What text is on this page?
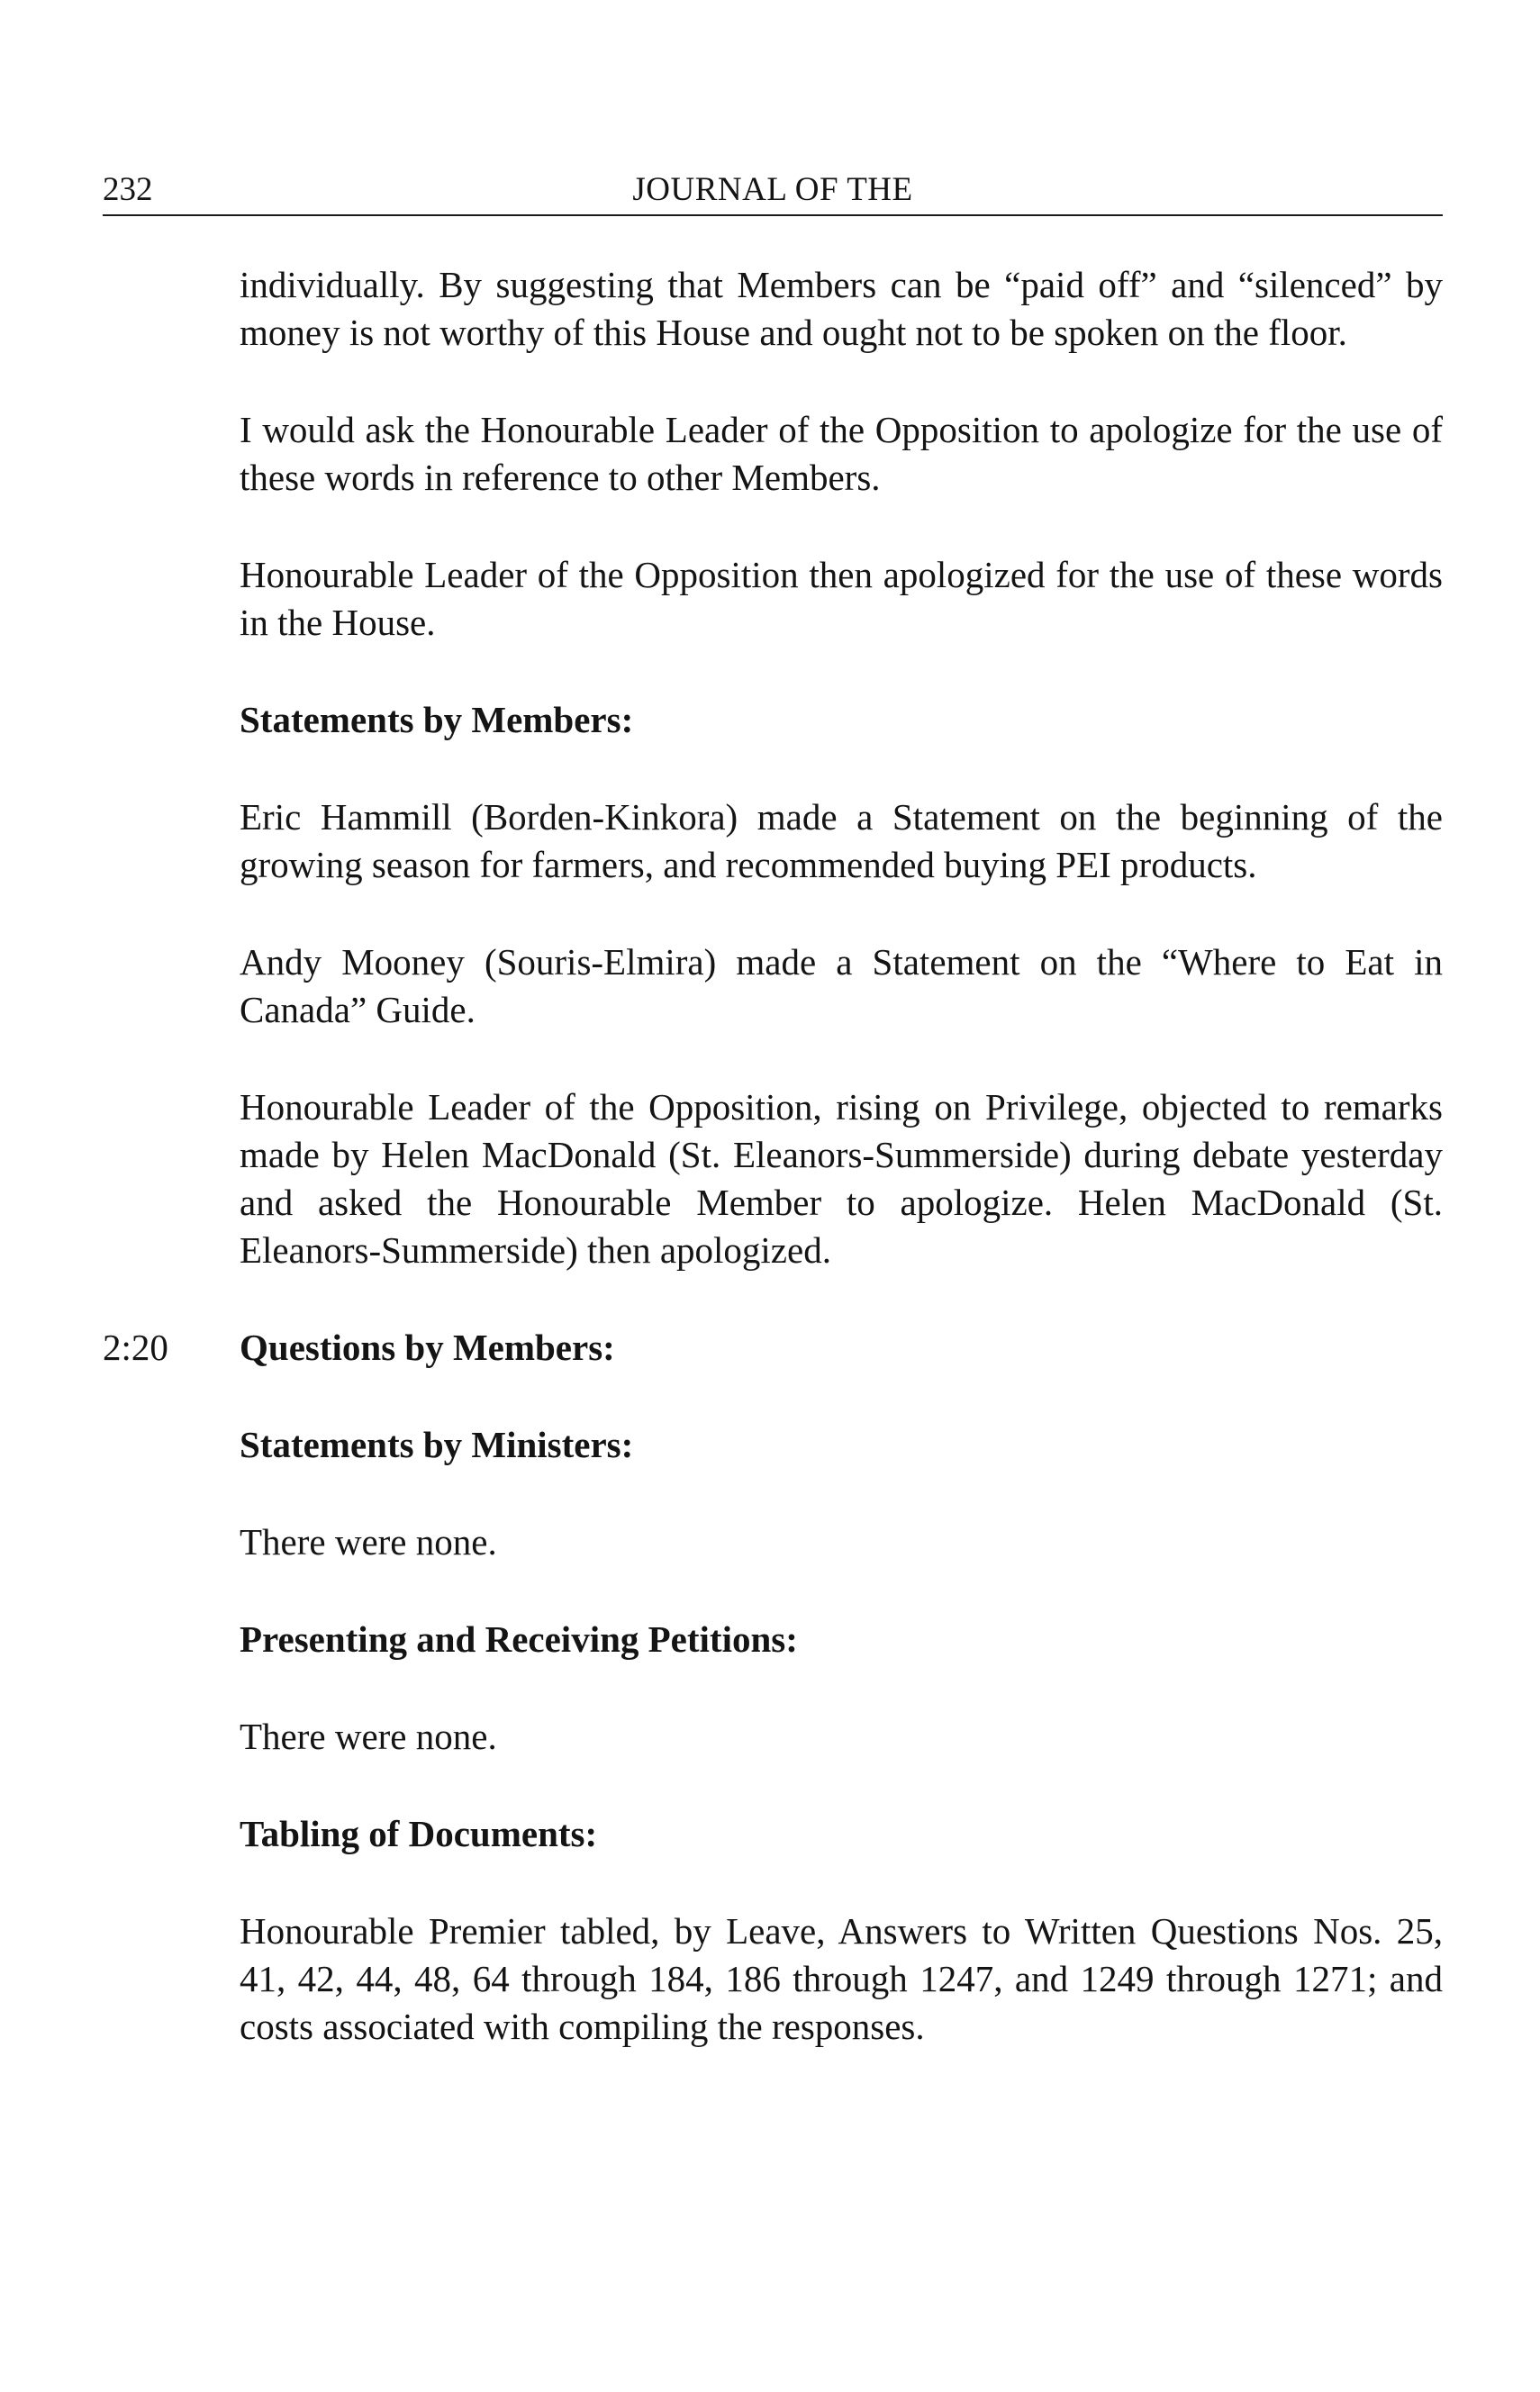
232	JOURNAL OF THE

individually. By suggesting that Members can be “paid off” and “silenced” by money is not worthy of this House and ought not to be spoken on the floor.

I would ask the Honourable Leader of the Opposition to apologize for the use of these words in reference to other Members.

Honourable Leader of the Opposition then apologized for the use of these words in the House.

Statements by Members:

Eric Hammill (Borden-Kinkora) made a Statement on the beginning of the growing season for farmers, and recommended buying PEI products.

Andy Mooney (Souris-Elmira) made a Statement on the “Where to Eat in Canada” Guide.

Honourable Leader of the Opposition, rising on Privilege, objected to remarks made by Helen MacDonald (St. Eleanors-Summerside) during debate yesterday and asked the Honourable Member to apologize. Helen MacDonald (St. Eleanors-Summerside) then apologized.

2:20 Questions by Members:

Statements by Ministers:

There were none.

Presenting and Receiving Petitions:

There were none.

Tabling of Documents:

Honourable Premier tabled, by Leave, Answers to Written Questions Nos. 25, 41, 42, 44, 48, 64 through 184, 186 through 1247, and 1249 through 1271; and costs associated with compiling the responses.
